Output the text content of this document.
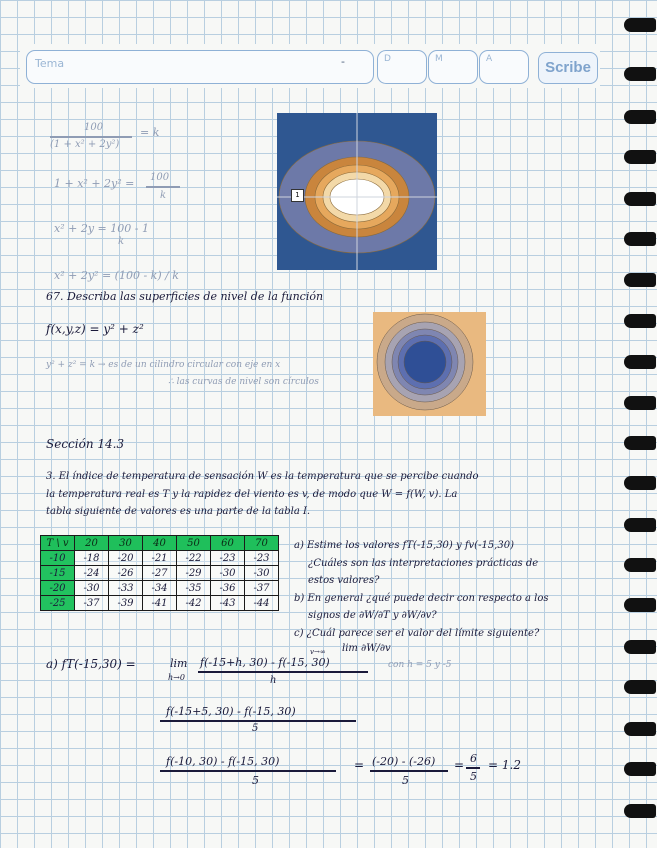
Tema	-	D	M	A	Scribe
100
(1 + x² + 2y²)
= k
1 + x² + 2y² = 100
k
x² + 2y = 100 - 1
k
x² + 2y² = (100 - k) / k
1
67. Describa las superficies de nivel de la función
f(x,y,z) = y² + z²
y² + z² = k → es de un cilindro circular con eje en x
∴ las curvas de nivel son círculos
Sección 14.3
3. El índice de temperatura de sensación W es la temperatura que se percibe cuando
la temperatura real es T y la rapidez del viento es v, de modo que W = f(W, v). La
tabla siguiente de valores es una parte de la tabla I.
T \ v	20	30	40	50	60	70
-10	-18	-20	-21	-22	-23	-23
-15	-24	-26	-27	-29	-30	-30
-20	-30	-33	-34	-35	-36	-37
-25	-37	-39	-41	-42	-43	-44
a) Estime los valores fT(-15,30) y fv(-15,30)
¿Cuáles son las interpretaciones prácticas de
estos valores?
b) En general ¿qué puede decir con respecto a los
signos de ∂W/∂T y ∂W/∂v?
c) ¿Cuál parece ser el valor del límite siguiente?
lim ∂W/∂v
v→∞
a) fT(-15,30) =	lim
h→0
f(-15+h, 30) - f(-15, 30)
h
con h = 5 y -5
f(-15+5, 30) - f(-15, 30)
5
f(-10, 30) - f(-15, 30)
5
= (-20) - (-26)
5
= 6
5
= 1.2
